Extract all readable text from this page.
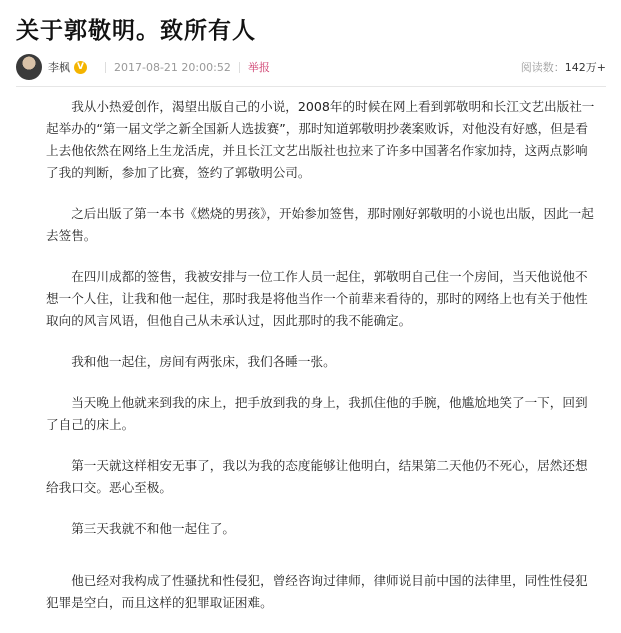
关于郭敬明。致所有人
李枫 V	2017-08-21 20:00:52 举报	阅读数：142万+

我从小热爱创作，渴望出版自己的小说，2008年的时候在网上看到郭敬明和长江文艺出版社一起举办的“第一届文学之新全国新人选拔赛”，那时知道郭敬明抄袭案败诉，对他没有好感，但是看上去他依然在网络上生龙活虎，并且长江文艺出版社也拉来了许多中国著名作家加持，这两点影响了我的判断，参加了比赛，签约了郭敬明公司。

之后出版了第一本书《燃烧的男孩》，开始参加签售，那时刚好郭敬明的小说也出版，因此一起去签售。

在四川成都的签售，我被安排与一位工作人员一起住，郭敬明自己住一个房间，当天他说他不想一个人住，让我和他一起住，那时我是将他当作一个前辈来看待的，那时的网络上也有关于他性取向的风言风语，但他自己从未承认过，因此那时的我不能确定。

我和他一起住，房间有两张床，我们各睡一张。

当天晚上他就来到我的床上，把手放到我的身上，我抓住他的手腕，他尴尬地笑了一下，回到了自己的床上。

第一天就这样相安无事了，我以为我的态度能够让他明白，结果第二天他仍不死心，居然还想给我口交。恶心至极。

第三天我就不和他一起住了。

他已经对我构成了性骚扰和性侵犯，曾经咨询过律师，律师说目前中国的法律里，同性性侵犯犯罪是空白，而且这样的犯罪取证困难。
